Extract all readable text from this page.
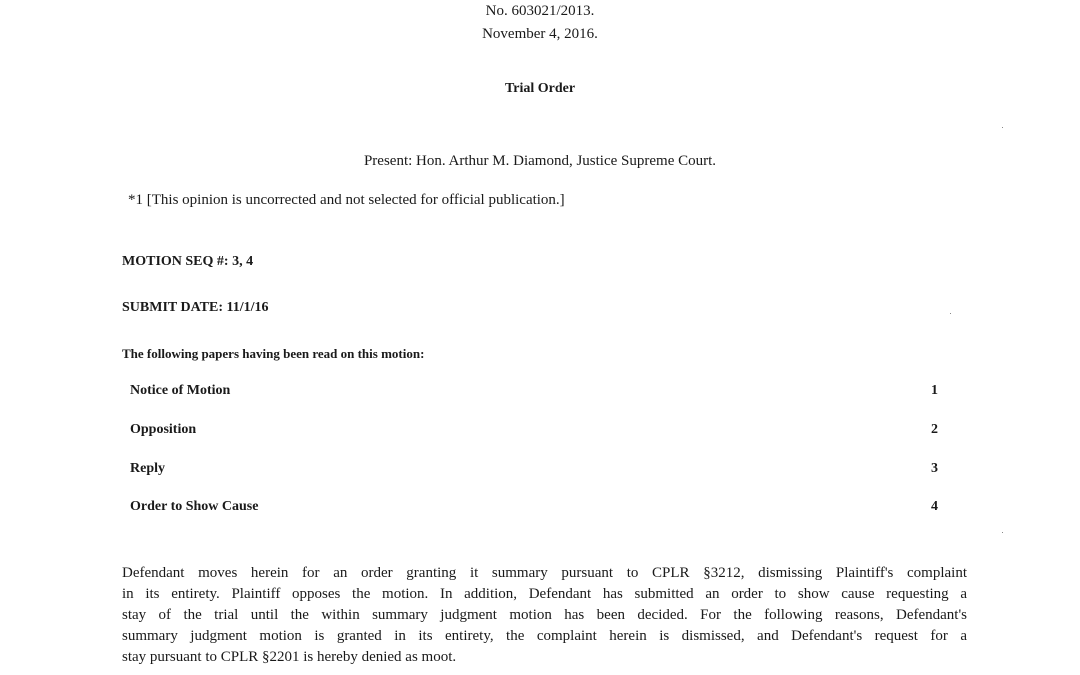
No. 603021/2013.
November 4, 2016.
Trial Order
Present: Hon. Arthur M. Diamond, Justice Supreme Court.
*1 [This opinion is uncorrected and not selected for official publication.]
MOTION SEQ #: 3, 4
SUBMIT DATE: 11/1/16
The following papers having been read on this motion:
Notice of Motion	1
Opposition	2
Reply	3
Order to Show Cause	4
Defendant moves herein for an order granting it summary pursuant to CPLR §3212, dismissing Plaintiff's complaint
in its entirety. Plaintiff opposes the motion. In addition, Defendant has submitted an order to show cause requesting a
stay of the trial until the within summary judgment motion has been decided. For the following reasons, Defendant's
summary judgment motion is granted in its entirety, the complaint herein is dismissed, and Defendant's request for a
stay pursuant to CPLR §2201 is hereby denied as moot.
